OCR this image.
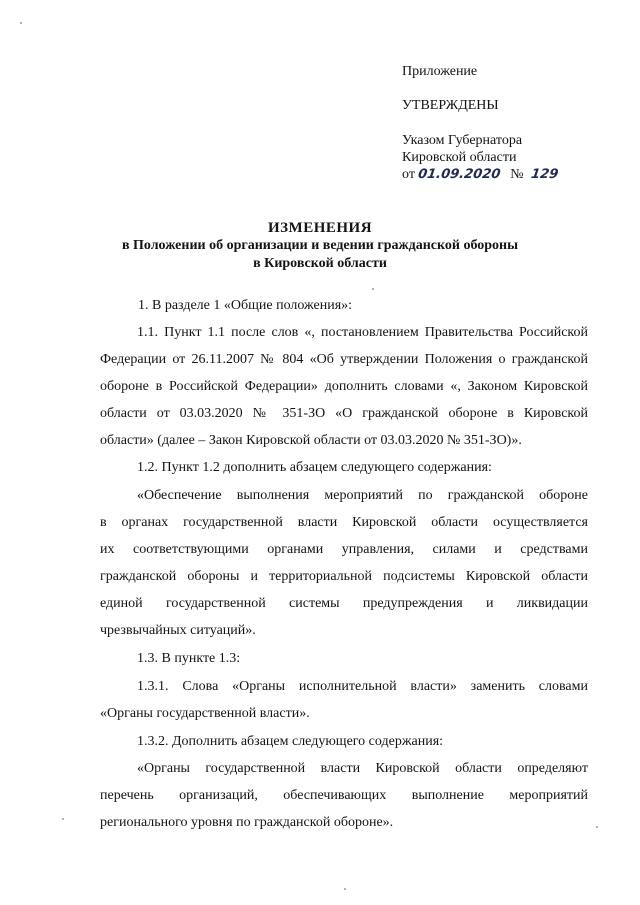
Приложение
УТВЕРЖДЕНЫ
Указом Губернатора
Кировской области
от 01.09.2020 № 129
ИЗМЕНЕНИЯ
в Положении об организации и ведении гражданской обороны
в Кировской области
1. В разделе 1 «Общие положения»:
1.1. Пункт 1.1 после слов «, постановлением Правительства Российской
Федерации от 26.11.2007 № 804 «Об утверждении Положения о гражданской
обороне в Российской Федерации» дополнить словами «, Законом Кировской
области от 03.03.2020 № 351-ЗО «О гражданской обороне в Кировской
области» (далее – Закон Кировской области от 03.03.2020 № 351-ЗО)».
1.2. Пункт 1.2 дополнить абзацем следующего содержания:
«Обеспечение выполнения мероприятий по гражданской обороне
в органах государственной власти Кировской области осуществляется
их соответствующими органами управления, силами и средствами
гражданской обороны и территориальной подсистемы Кировской области
единой государственной системы предупреждения и ликвидации
чрезвычайных ситуаций».
1.3. В пункте 1.3:
1.3.1. Слова «Органы исполнительной власти» заменить словами
«Органы государственной власти».
1.3.2. Дополнить абзацем следующего содержания:
«Органы государственной власти Кировской области определяют
перечень организаций, обеспечивающих выполнение мероприятий
регионального уровня по гражданской обороне».
